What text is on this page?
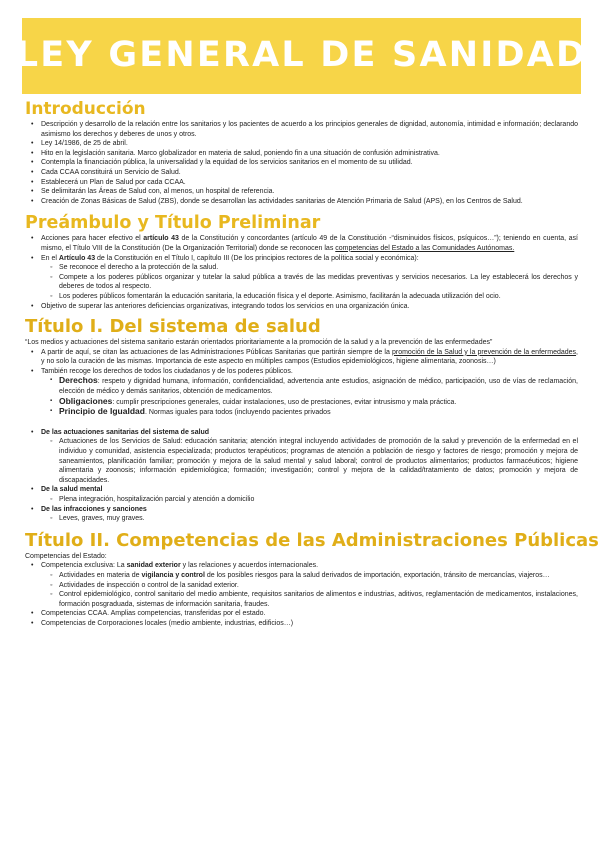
LEY GENERAL DE SANIDAD
Introducción
• Descripción y desarrollo de la relación entre los sanitarios y los pacientes de acuerdo a los principios generales de dignidad, autonomía, intimidad e información; declarando asimismo los derechos y deberes de unos y otros.
• Ley 14/1986, de 25 de abril.
• Hito en la legislación sanitaria. Marco globalizador en materia de salud, poniendo fin a una situación de confusión administrativa.
• Contempla la financiación pública, la universalidad y la equidad de los servicios sanitarios en el momento de su utilidad.
• Cada CCAA constituirá un Servicio de Salud.
• Establecerá un Plan de Salud por cada CCAA.
• Se delimitarán las Áreas de Salud con, al menos, un hospital de referencia.
• Creación de Zonas Básicas de Salud (ZBS), donde se desarrollan las actividades sanitarias de Atención Primaria de Salud (APS), en los Centros de Salud.
Preámbulo y Título Preliminar
• Acciones para hacer efectivo el artículo 43 de la Constitución y concordantes (artículo 49 de la Constitución -“disminuidos físicos, psíquicos…”); teniendo en cuenta, así mismo, el Título VIII de la Constitución (De la Organización Territorial) donde se reconocen las competencias del Estado a las Comunidades Autónomas.
• En el Artículo 43 de la Constitución en el Título I, capítulo III (De los principios rectores de la política social y económica):
◦ Se reconoce el derecho a la protección de la salud.
◦ Compete a los poderes públicos organizar y tutelar la salud pública a través de las medidas preventivas y servicios necesarios. La ley establecerá los derechos y deberes de todos al respecto.
◦ Los poderes públicos fomentarán la educación sanitaria, la educación física y el deporte. Asimismo, facilitarán la adecuada utilización del ocio.
• Objetivo de superar las anteriores deficiencias organizativas, integrando todos los servicios en una organización única.
Título I. Del sistema de salud

“Los medios y actuaciones del sistema sanitario estarán orientados prioritariamente a la promoción de la salud y a la prevención de las enfermedades”

• A partir de aquí, se citan las actuaciones de las Administraciones Públicas Sanitarias que partirán siempre de la promoción de la Salud y la prevención de la enfermedades, y no solo la curación de las mismas. Importancia de este aspecto en múltiples campos (Estudios epidemiológicos, higiene alimentaria, zoonosis…)
• También recoge los derechos de todos los ciudadanos y de los poderes públicos.
▪ Derechos: respeto y dignidad humana, información, confidencialidad, advertencia ante estudios, asignación de médico, participación, uso de vías de reclamación, elección de médico y demás sanitarios, obtención de medicamentos.
▪ Obligaciones: cumplir prescripciones generales, cuidar instalaciones, uso de prestaciones, evitar intrusismo y mala práctica.
▪ Principio de Igualdad. Normas iguales para todos (incluyendo pacientes privados
• De las actuaciones sanitarias del sistema de salud
◦ Actuaciones de los Servicios de Salud: educación sanitaria; atención integral incluyendo actividades de promoción de la salud y prevención de la enfermedad en el individuo y comunidad, asistencia especializada; productos terapéuticos; programas de atención a población de riesgo y factores de riesgo; promoción y mejora de saneamientos, planificación familiar; promoción y mejora de la salud mental y salud laboral; control de productos alimentarios; productos farmacéuticos; higiene alimentaria y zoonosis; información epidemiológica; formación; investigación; control y mejora de la calidad/tratamiento de datos; promoción y mejora de discapacidades.
• De la salud mental
◦ Plena integración, hospitalización parcial y atención a domicilio
• De las infracciones y sanciones
◦ Leves, graves, muy graves.
Título II. Competencias de las Administraciones Públicas

Competencias del Estado:

• Competencia exclusiva: La sanidad exterior y las relaciones y acuerdos internacionales.
◦ Actividades en materia de vigilancia y control de los posibles riesgos para la salud derivados de importación, exportación, tránsito de mercancías, viajeros…
◦ Actividades de inspección o control de la sanidad exterior.
◦ Control epidemiológico, control sanitario del medio ambiente, requisitos sanitarios de alimentos e industrias, aditivos, reglamentación de medicamentos, instalaciones, formación posgraduada, sistemas de información sanitaria, fraudes.
• Competencias CCAA. Amplias competencias, transferidas por el estado.
• Competencias de Corporaciones locales (medio ambiente, industrias, edificios…)
